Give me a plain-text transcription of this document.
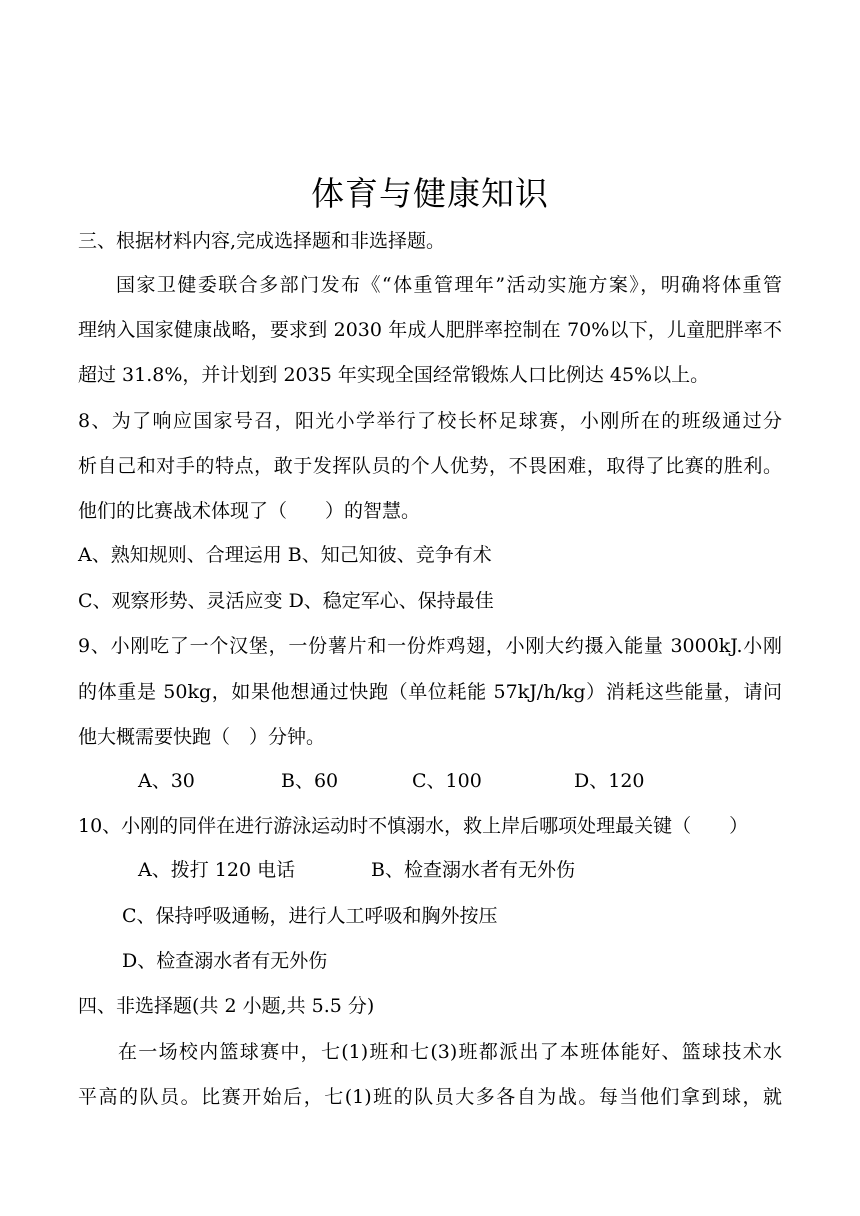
体育与健康知识
三、根据材料内容,完成选择题和非选择题。
国家卫健委联合多部门发布《“体重管理年”活动实施方案》，明确将体重管
理纳入国家健康战略，要求到 2030 年成人肥胖率控制在 70%以下，儿童肥胖率不
超过 31.8%，并计划到 2035 年实现全国经常锻炼人口比例达 45%以上。
8、为了响应国家号召，阳光小学举行了校长杯足球赛，小刚所在的班级通过分
析自己和对手的特点，敢于发挥队员的个人优势，不畏困难，取得了比赛的胜利。
他们的比赛战术体现了（　　）的智慧。
A、熟知规则、合理运用 B、知己知彼、竞争有术
C、观察形势、灵活应变 D、稳定军心、保持最佳
9、小刚吃了一个汉堡，一份薯片和一份炸鸡翅，小刚大约摄入能量 3000kJ.小刚
的体重是 50kg，如果他想通过快跑（单位耗能 57kJ/h/kg）消耗这些能量，请问
他大概需要快跑（　）分钟。
A、30	B、60	C、100	D、120
10、小刚的同伴在进行游泳运动时不慎溺水，救上岸后哪项处理最关键（　　）
A、拨打 120 电话	B、检查溺水者有无外伤
C、保持呼吸通畅，进行人工呼吸和胸外按压
D、检查溺水者有无外伤
四、非选择题(共 2 小题,共 5.5 分)
在一场校内篮球赛中，七(1)班和七(3)班都派出了本班体能好、篮球技术水
平高的队员。比赛开始后，七(1)班的队员大多各自为战。每当他们拿到球，就
